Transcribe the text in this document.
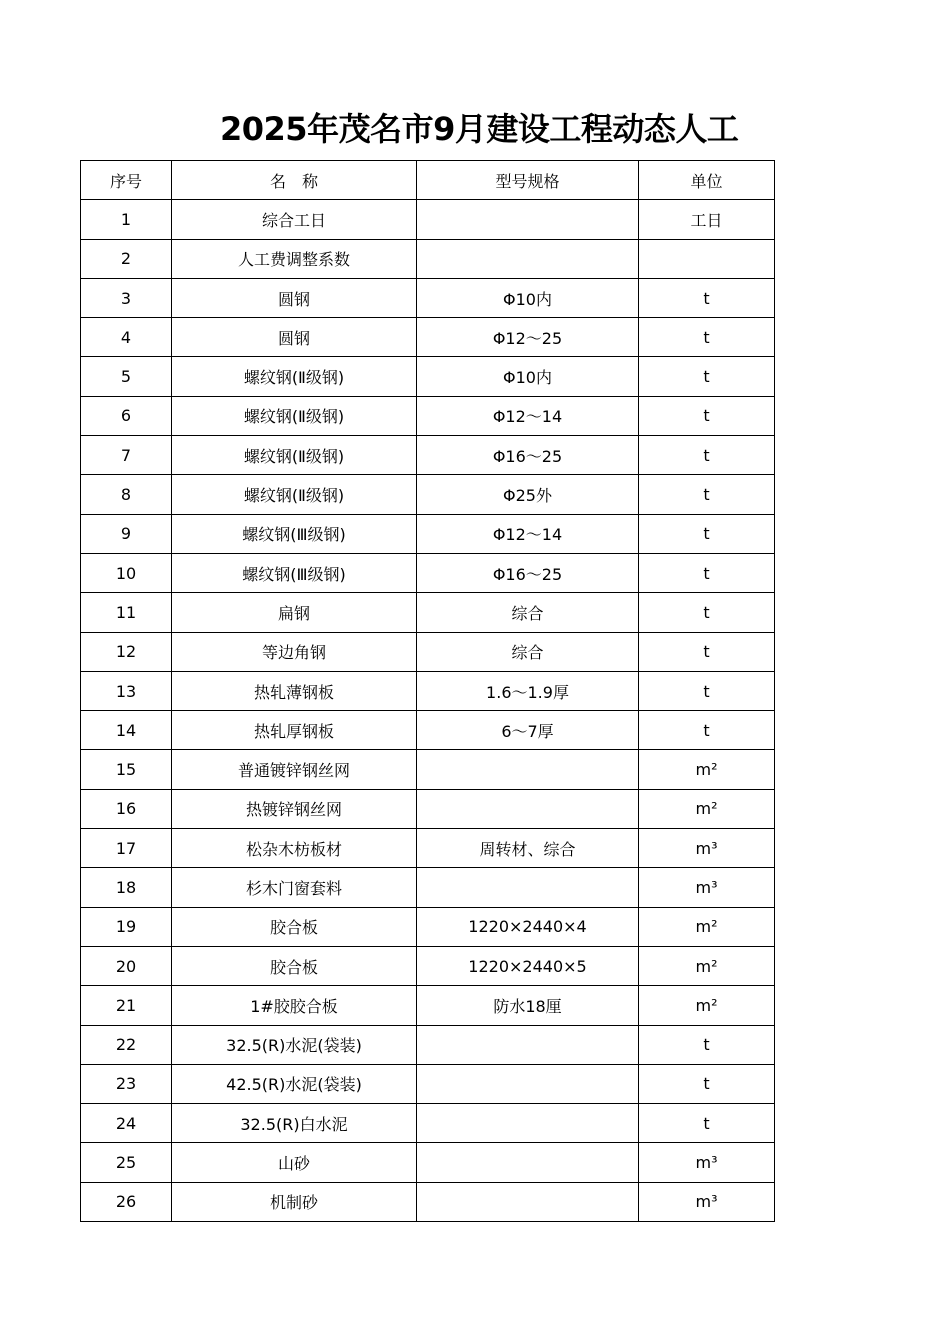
2025年茂名市9月建设工程动态人工
序号	名　称	型号规格	单位
1	综合工日		工日
2	人工费调整系数		
3	圆钢	Φ10内	t
4	圆钢	Φ12～25	t
5	螺纹钢(Ⅱ级钢)	Φ10内	t
6	螺纹钢(Ⅱ级钢)	Φ12～14	t
7	螺纹钢(Ⅱ级钢)	Φ16～25	t
8	螺纹钢(Ⅱ级钢)	Φ25外	t
9	螺纹钢(Ⅲ级钢)	Φ12～14	t
10	螺纹钢(Ⅲ级钢)	Φ16～25	t
11	扁钢	综合	t
12	等边角钢	综合	t
13	热轧薄钢板	1.6～1.9厚	t
14	热轧厚钢板	6～7厚	t
15	普通镀锌钢丝网		m²
16	热镀锌钢丝网		m²
17	松杂木枋板材	周转材、综合	m³
18	杉木门窗套料		m³
19	胶合板	1220×2440×4	m²
20	胶合板	1220×2440×5	m²
21	1#胶胶合板	防水18厘	m²
22	32.5(R)水泥(袋装)		t
23	42.5(R)水泥(袋装)		t
24	32.5(R)白水泥		t
25	山砂		m³
26	机制砂		m³
